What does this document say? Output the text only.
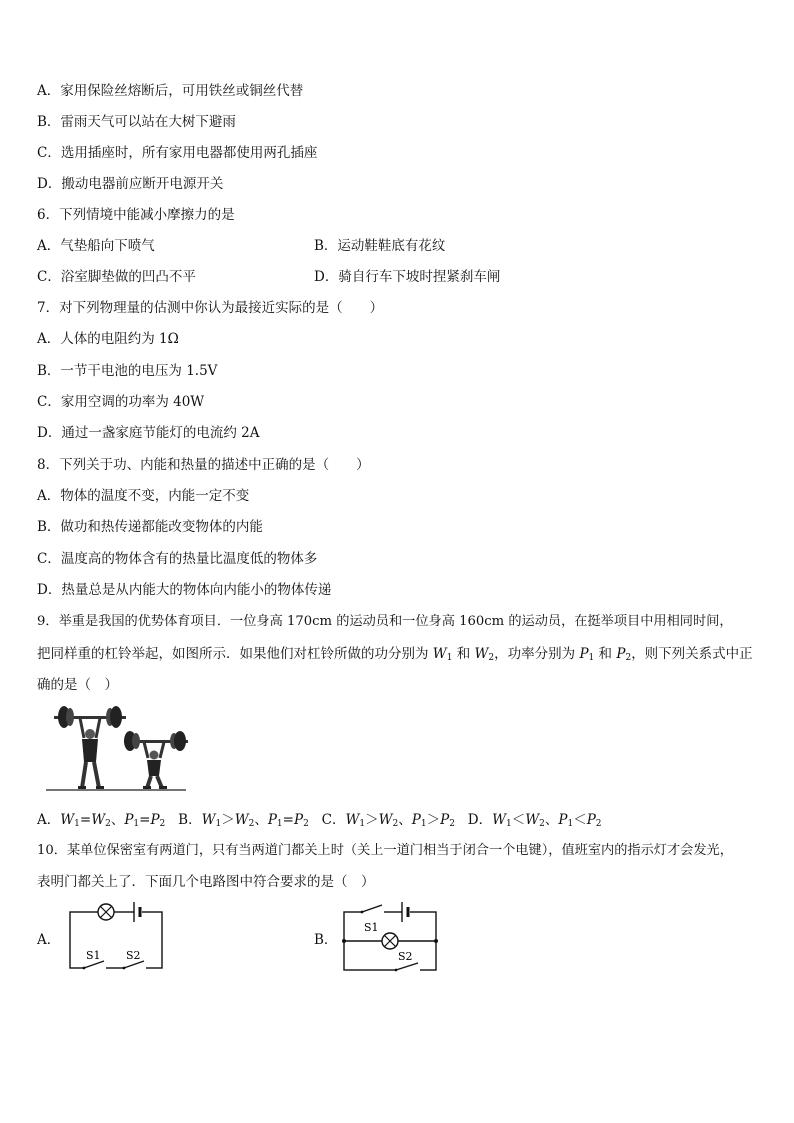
A．家用保险丝熔断后，可用铁丝或铜丝代替
B．雷雨天气可以站在大树下避雨
C．选用插座时，所有家用电器都使用两孔插座
D．搬动电器前应断开电源开关
6．下列情境中能减小摩擦力的是
A．气垫船向下喷气	B．运动鞋鞋底有花纹
C．浴室脚垫做的凹凸不平	D．骑自行车下坡时捏紧刹车闸
7．对下列物理量的估测中你认为最接近实际的是（　　）
A．人体的电阻约为 1Ω
B．一节干电池的电压为 1.5V
C．家用空调的功率为 40W
D．通过一盏家庭节能灯的电流约 2A
8．下列关于功、内能和热量的描述中正确的是（　　）
A．物体的温度不变，内能一定不变
B．做功和热传递都能改变物体的内能
C．温度高的物体含有的热量比温度低的物体多
D．热量总是从内能大的物体向内能小的物体传递
9．举重是我国的优势体育项目．一位身高 170cm 的运动员和一位身高 160cm 的运动员，在挺举项目中用相同时间，
把同样重的杠铃举起，如图所示．如果他们对杠铃所做的功分别为 $W_1$ 和 $W_2$，功率分别为 $P_1$ 和 $P_2$，则下列关系式中正
确的是（　）
A．$W_1=W_2$、$P_1=P_2$ B．$W_1>W_2$、$P_1=P_2$ C．$W_1>W_2$、$P_1>P_2$ D．$W_1<W_2$、$P_1<P_2$
10．某单位保密室有两道门，只有当两道门都关上时（关上一道门相当于闭合一个电键），值班室内的指示灯才会发光，
表明门都关上了．下面几个电路图中符合要求的是（　）
A．	B．
S1 S2
S1
S2
